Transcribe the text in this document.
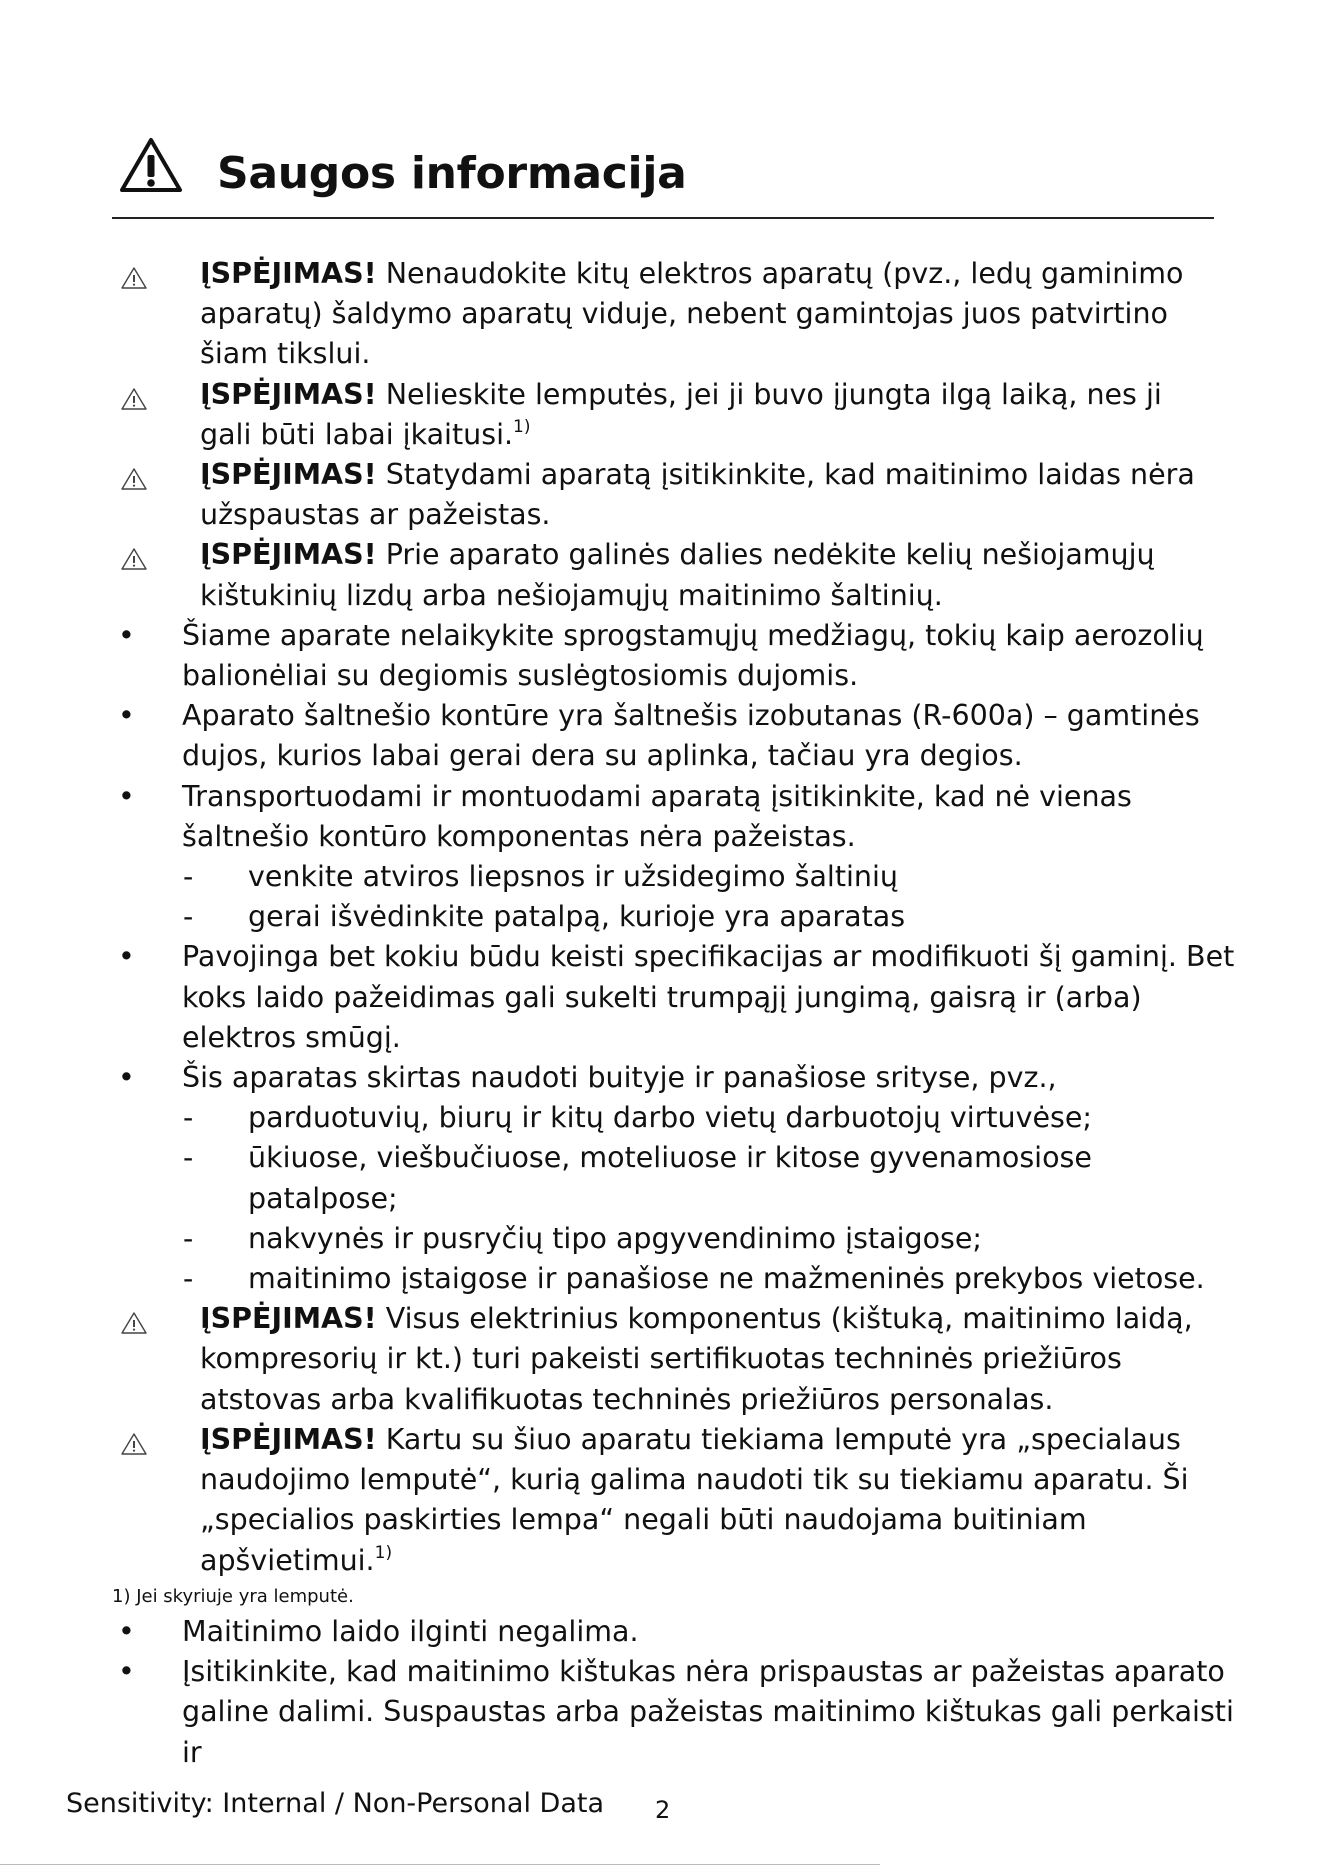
Saugos informacija
ĮSPĖJIMAS! Nenaudokite kitų elektros aparatų (pvz., ledų gaminimo aparatų) šaldymo aparatų viduje, nebent gamintojas juos patvirtino šiam tikslui.
ĮSPĖJIMAS! Nelieskite lemputės, jei ji buvo įjungta ilgą laiką, nes ji gali būti labai įkaitusi.$^{1)}$
ĮSPĖJIMAS! Statydami aparatą įsitikinkite, kad maitinimo laidas nėra užspaustas ar pažeistas.
ĮSPĖJIMAS! Prie aparato galinės dalies nedėkite kelių nešiojamųjų kištukinių lizdų arba nešiojamųjų maitinimo šaltinių.
• Šiame aparate nelaikykite sprogstamųjų medžiagų, tokių kaip aerozolių balionėliai su degiomis suslėgtosiomis dujomis.
• Aparato šaltnešio kontūre yra šaltnešis izobutanas (R-600a) – gamtinės dujos, kurios labai gerai dera su aplinka, tačiau yra degios.
• Transportuodami ir montuodami aparatą įsitikinkite, kad nė vienas šaltnešio kontūro komponentas nėra pažeistas.
- venkite atviros liepsnos ir užsidegimo šaltinių
- gerai išvėdinkite patalpą, kurioje yra aparatas
• Pavojinga bet kokiu būdu keisti specifikacijas ar modifikuoti šį gaminį. Bet koks laido pažeidimas gali sukelti trumpąjį jungimą, gaisrą ir (arba) elektros smūgį.
• Šis aparatas skirtas naudoti buityje ir panašiose srityse, pvz.,
- parduotuvių, biurų ir kitų darbo vietų darbuotojų virtuvėse;
- ūkiuose, viešbučiuose, moteliuose ir kitose gyvenamosiose patalpose;
- nakvynės ir pusryčių tipo apgyvendinimo įstaigose;
- maitinimo įstaigose ir panašiose ne mažmeninės prekybos vietose.
ĮSPĖJIMAS! Visus elektrinius komponentus (kištuką, maitinimo laidą, kompresorių ir kt.) turi pakeisti sertifikuotas techninės priežiūros atstovas arba kvalifikuotas techninės priežiūros personalas.
ĮSPĖJIMAS! Kartu su šiuo aparatu tiekiama lemputė yra „specialaus naudojimo lemputė“, kurią galima naudoti tik su tiekiamu aparatu. Ši „specialios paskirties lempa“ negali būti naudojama buitiniam apšvietimui.$^{1)}$
1) Jei skyriuje yra lemputė.
• Maitinimo laido ilginti negalima.
• Įsitikinkite, kad maitinimo kištukas nėra prispaustas ar pažeistas aparato galine dalimi. Suspaustas arba pažeistas maitinimo kištukas gali perkaisti ir
Sensitivity: Internal / Non-Personal Data 2
